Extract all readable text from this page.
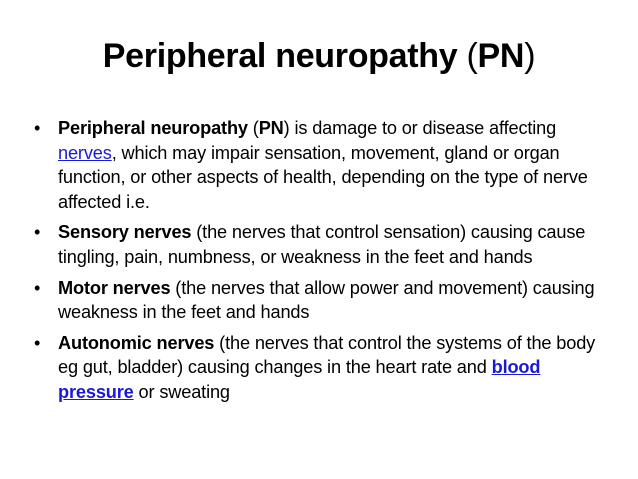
Peripheral neuropathy (PN)
• Peripheral neuropathy (PN) is damage to or disease affecting nerves, which may impair sensation, movement, gland or organ function, or other aspects of health, depending on the type of nerve affected i.e.
• Sensory nerves (the nerves that control sensation) causing cause tingling, pain, numbness, or weakness in the feet and hands
• Motor nerves (the nerves that allow power and movement) causing weakness in the feet and hands
• Autonomic nerves (the nerves that control the systems of the body eg gut, bladder) causing changes in the heart rate and blood pressure or sweating
